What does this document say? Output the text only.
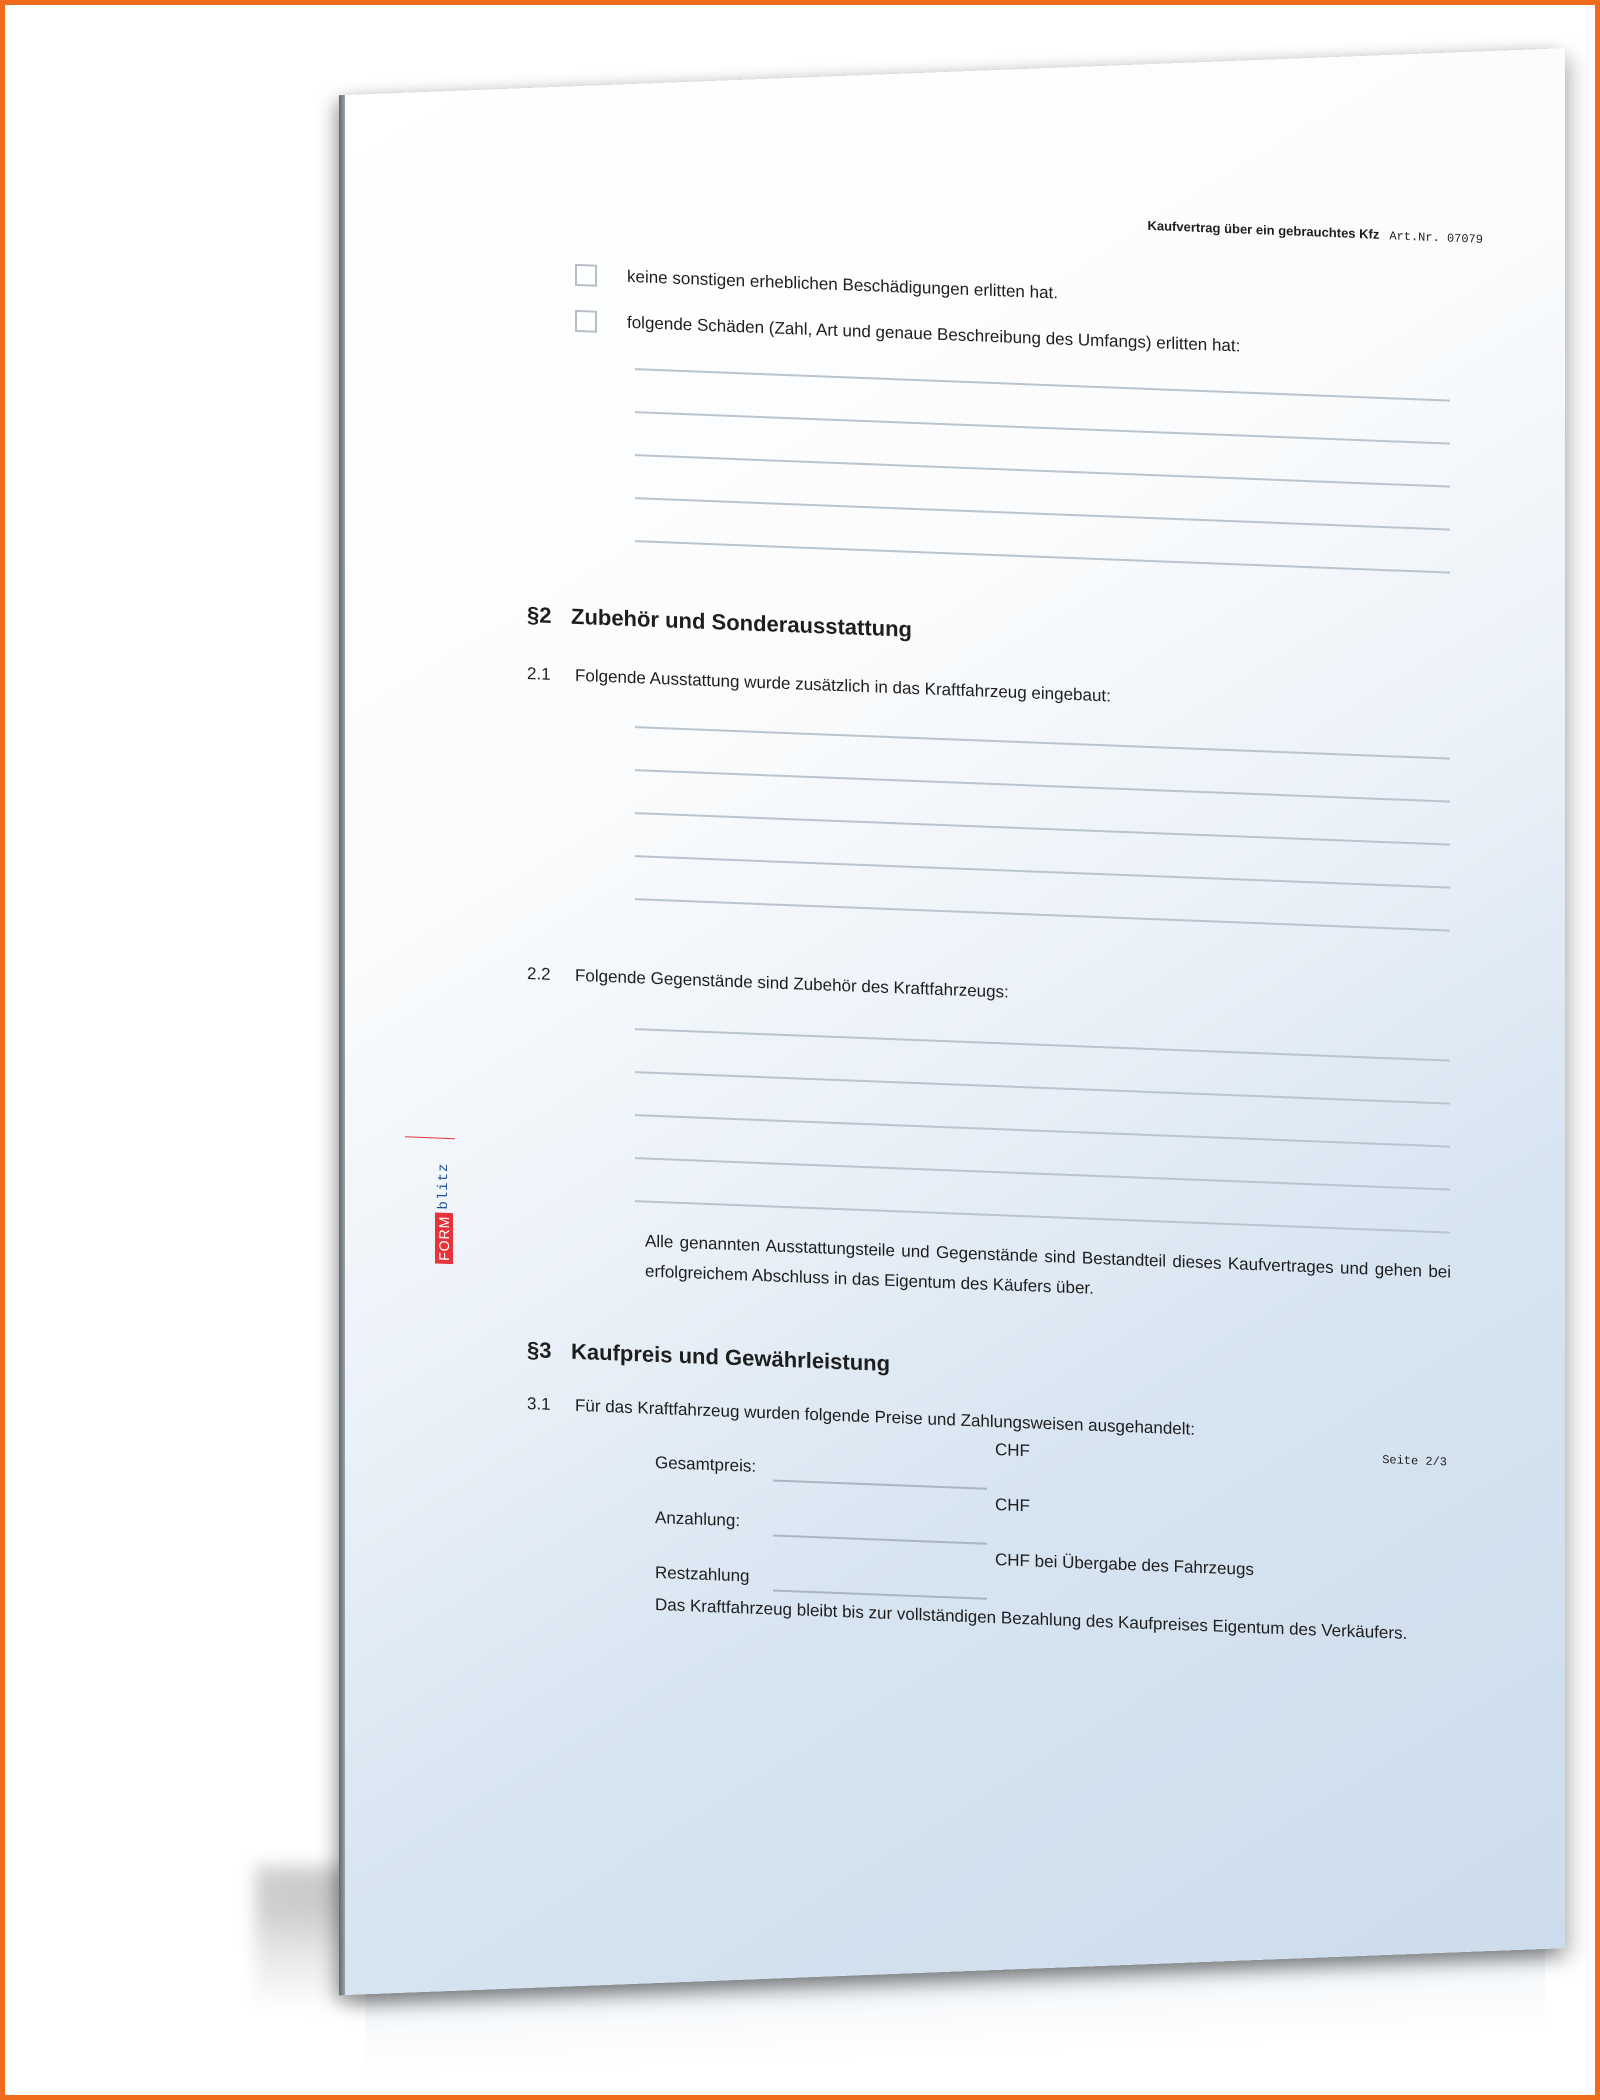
Kaufvertrag über ein gebrauchtes Kfz Art.Nr. 07079
keine sonstigen erheblichen Beschädigungen erlitten hat.
folgende Schäden (Zahl, Art und genaue Beschreibung des Umfangs) erlitten hat:
§2 Zubehör und Sonderausstattung
2.1 Folgende Ausstattung wurde zusätzlich in das Kraftfahrzeug eingebaut:
2.2 Folgende Gegenstände sind Zubehör des Kraftfahrzeugs:
Alle genannten Ausstattungsteile und Gegenstände sind Bestandteil dieses Kaufvertrages und gehen bei erfolgreichem Abschluss in das Eigentum des Käufers über.
§3 Kaufpreis und Gewährleistung
3.1 Für das Kraftfahrzeug wurden folgende Preise und Zahlungsweisen ausgehandelt:
Gesamtpreis:
CHF
Anzahlung:
CHF
Restzahlung	CHF bei Übergabe des Fahrzeugs
Das Kraftfahrzeug bleibt bis zur vollständigen Bezahlung des Kaufpreises Eigentum des Verkäufers.
Seite 2/3
FORM
blitz
